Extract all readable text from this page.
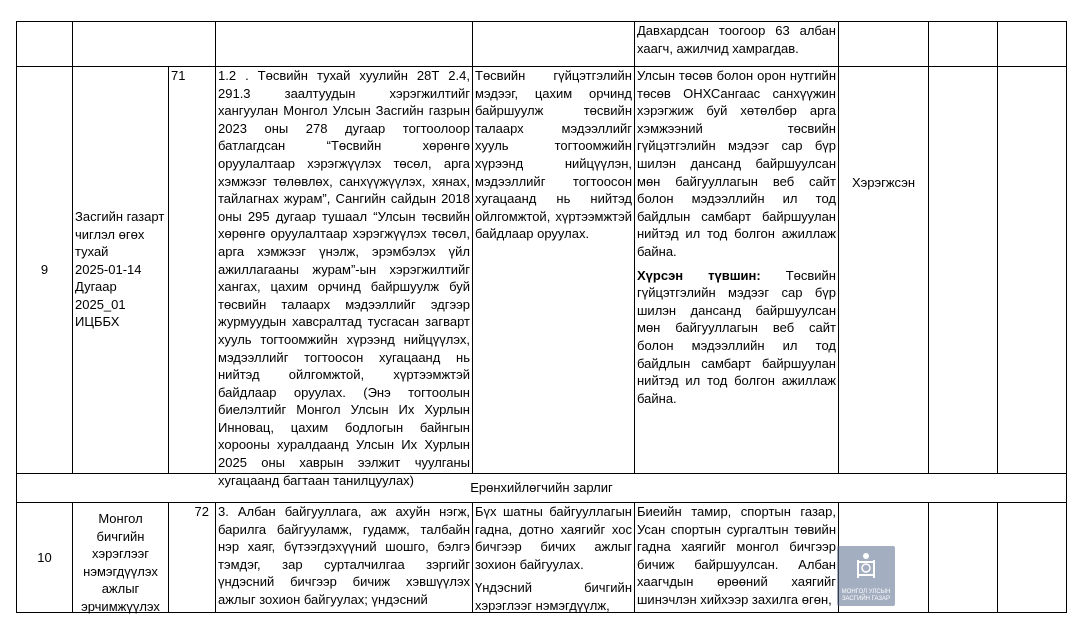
Давхардсан тоогоор 63 албан хаагч, ажилчид хамрагдав.
9
Засгийн газарт
чиглэл өгөх
тухай
2025-01-14
Дугаар
2025_01
ИЦББХ
71	1.2 . Төсвийн тухай хуулийн 28Т 2.4, 291.3 заалтуудын хэрэгжилтийг хангуулан Монгол Улсын Засгийн газрын 2023 оны 278 дугаар тогтоолоор батлагдсан “Төсвийн хөрөнгө оруулалтаар хэрэгжүүлэх төсөл, арга хэмжээг төлөвлөх, санхүүжүүлэх, хянах, тайлагнах журам”, Сангийн сайдын 2018 оны 295 дугаар тушаал “Улсын төсвийн хөрөнгө оруулалтаар хэрэгжүүлэх төсөл, арга хэмжээг үнэлж, эрэмбэлэх үйл ажиллагааны журам”-ын хэрэгжилтийг хангах, цахим орчинд байршуулж буй төсвийн талаарх мэдээллийг эдгээр журмуудын хавсралтад тусгасан загварт хууль тогтоомжийн хүрээнд нийцүүлэх, мэдээллийг тогтоосон хугацаанд нь нийтэд ойлгомжтой, хүртээмжтэй байдлаар оруулах. (Энэ тогтоолын биелэлтийг Монгол Улсын Их Хурлын Инновац, цахим бодлогын байнгын хорооны хуралдаанд Улсын Их Хурлын 2025 оны хаврын ээлжит чуулганы хугацаанд багтаан танилцуулах)
Төсвийн гүйцэтгэлийн мэдээг, цахим орчинд байршуулж төсвийн талаарх мэдээллийг хууль тогтоомжийн хүрээнд нийцүүлэн, мэдээллийг тогтоосон хугацаанд нь нийтэд ойлгомжтой, хүртээмжтэй байдлаар оруулах.

Улсын төсөв болон орон нутгийн төсөв ОНХСангаас санхүүжин хэрэгжиж буй хөтөлбөр арга хэмжээний төсвийн гүйцэтгэлийн мэдээг сар бүр шилэн дансанд байршуулсан мөн байгууллагын веб сайт болон мэдээллийн ил тод байдлын самбарт байршуулан нийтэд ил тод болгон ажиллаж байна.

Хүрсэн түвшин: Төсвийн гүйцэтгэлийн мэдээг сар бүр шилэн дансанд байршуулсан мөн байгууллагын веб сайт болон мэдээллийн ил тод байдлын самбарт байршуулан нийтэд ил тод болгон ажиллаж байна.

Хэрэгжсэн
Ерөнхийлөгчийн зарлиг
10
Монгол
бичгийн
хэрэглээг
нэмэгдүүлэх
ажлыг
эрчимжүүлэх
72 3. Албан байгууллага, аж ахуйн нэгж, барилга байгууламж, гудамж, талбайн нэр хаяг, бүтээгдэхүүний шошго, бэлгэ тэмдэг, зар сурталчилгаа зэргийг үндэсний бичгээр бичиж хэвшүүлэх ажлыг зохион байгуулах; үндэсний

Бүх шатны байгууллагын гадна, дотно хаягийг хос бичгээр бичих ажлыг зохион байгуулах.

Үндэсний бичгийн хэрэглээг нэмэгдүүлж,

Биеийн тамир, спортын газар, Усан спортын сургалтын төвийн гадна хаягийг монгол бичгээр бичиж байршуулсан. Албан хаагчдын өрөөний хаягийг шинэчлэн хийхээр захилга өгөн,	МОНГОЛ УЛСЫН ЗАСГИЙН ГАЗАР
